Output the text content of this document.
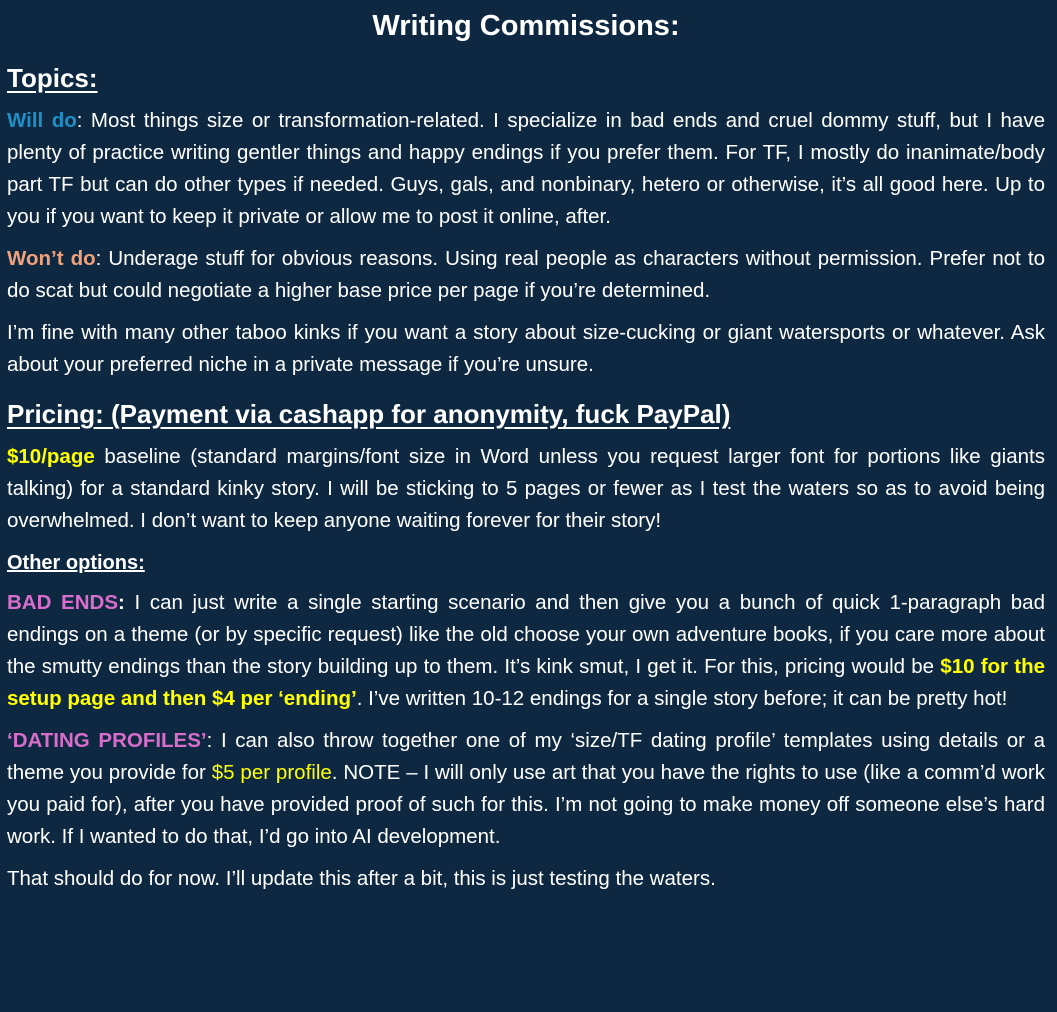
Writing Commissions:
Topics:

Will do: Most things size or transformation-related. I specialize in bad ends and cruel dommy stuff, but I have plenty of practice writing gentler things and happy endings if you prefer them. For TF, I mostly do inanimate/body part TF but can do other types if needed. Guys, gals, and nonbinary, hetero or otherwise, it’s all good here. Up to you if you want to keep it private or allow me to post it online, after.

Won’t do: Underage stuff for obvious reasons. Using real people as characters without permission. Prefer not to do scat but could negotiate a higher base price per page if you’re determined.

I’m fine with many other taboo kinks if you want a story about size-cucking or giant watersports or whatever. Ask about your preferred niche in a private message if you’re unsure.

Pricing: (Payment via cashapp for anonymity, fuck PayPal)

$10/page baseline (standard margins/font size in Word unless you request larger font for portions like giants talking) for a standard kinky story. I will be sticking to 5 pages or fewer as I test the waters so as to avoid being overwhelmed. I don’t want to keep anyone waiting forever for their story!

Other options:

BAD ENDS: I can just write a single starting scenario and then give you a bunch of quick 1-paragraph bad endings on a theme (or by specific request) like the old choose your own adventure books, if you care more about the smutty endings than the story building up to them. It’s kink smut, I get it. For this, pricing would be $10 for the setup page and then $4 per ‘ending’. I’ve written 10-12 endings for a single story before; it can be pretty hot!

‘DATING PROFILES’: I can also throw together one of my ‘size/TF dating profile’ templates using details or a theme you provide for $5 per profile. NOTE – I will only use art that you have the rights to use (like a comm’d work you paid for), after you have provided proof of such for this. I’m not going to make money off someone else’s hard work. If I wanted to do that, I’d go into AI development.

That should do for now. I’ll update this after a bit, this is just testing the waters.
